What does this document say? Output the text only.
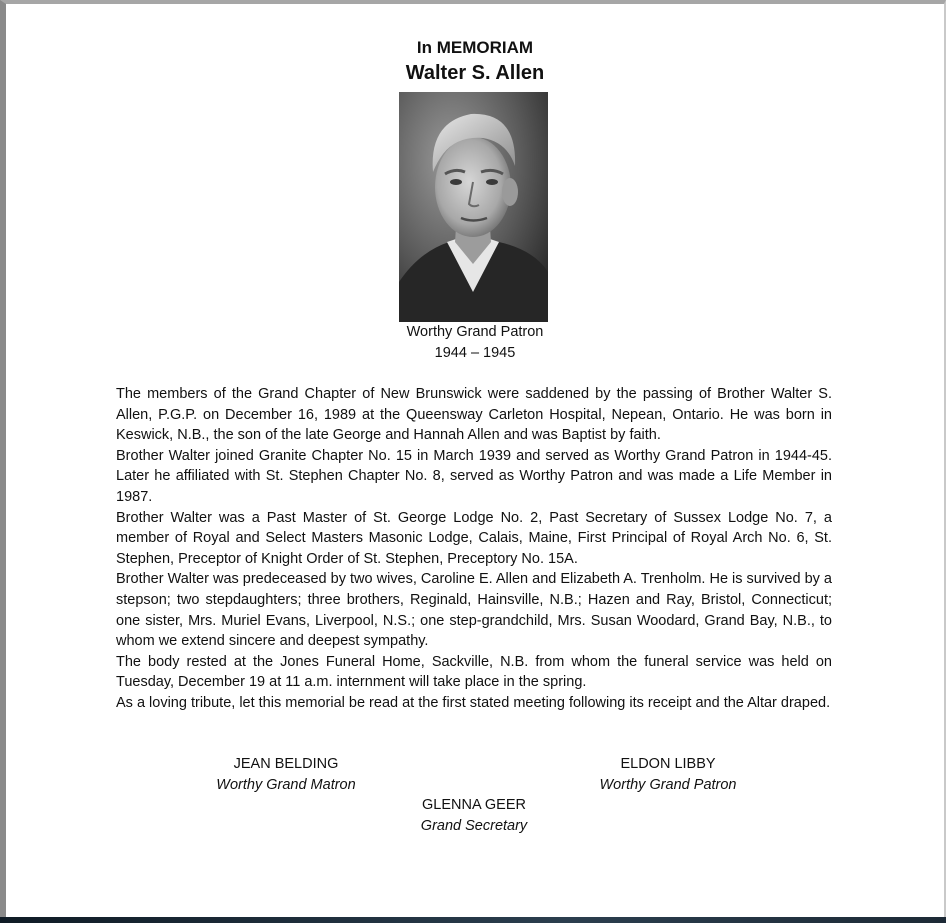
In MEMORIAM
Walter S. Allen
Worthy Grand Patron
1944 – 1945

The members of the Grand Chapter of New Brunswick were saddened by the passing of Brother Walter S. Allen, P.G.P. on December 16, 1989 at the Queensway Carleton Hospital, Nepean, Ontario. He was born in Keswick, N.B., the son of the late George and Hannah Allen and was Baptist by faith.

Brother Walter joined Granite Chapter No. 15 in March 1939 and served as Worthy Grand Patron in 1944-45. Later he affiliated with St. Stephen Chapter No. 8, served as Worthy Patron and was made a Life Member in 1987.

Brother Walter was a Past Master of St. George Lodge No. 2, Past Secretary of Sussex Lodge No. 7, a member of Royal and Select Masters Masonic Lodge, Calais, Maine, First Principal of Royal Arch No. 6, St. Stephen, Preceptor of Knight Order of St. Stephen, Preceptory No. 15A.

Brother Walter was predeceased by two wives, Caroline E. Allen and Elizabeth A. Trenholm. He is survived by a stepson; two stepdaughters; three brothers, Reginald, Hainsville, N.B.; Hazen and Ray, Bristol, Connecticut; one sister, Mrs. Muriel Evans, Liverpool, N.S.; one step-grandchild, Mrs. Susan Woodard, Grand Bay, N.B., to whom we extend sincere and deepest sympathy.

The body rested at the Jones Funeral Home, Sackville, N.B. from whom the funeral service was held on Tuesday, December 19 at 11 a.m. internment will take place in the spring.

As a loving tribute, let this memorial be read at the first stated meeting following its receipt and the Altar draped.

JEAN BELDING
Worthy Grand Matron
ELDON LIBBY
Worthy Grand Patron
GLENNA GEER
Grand Secretary
